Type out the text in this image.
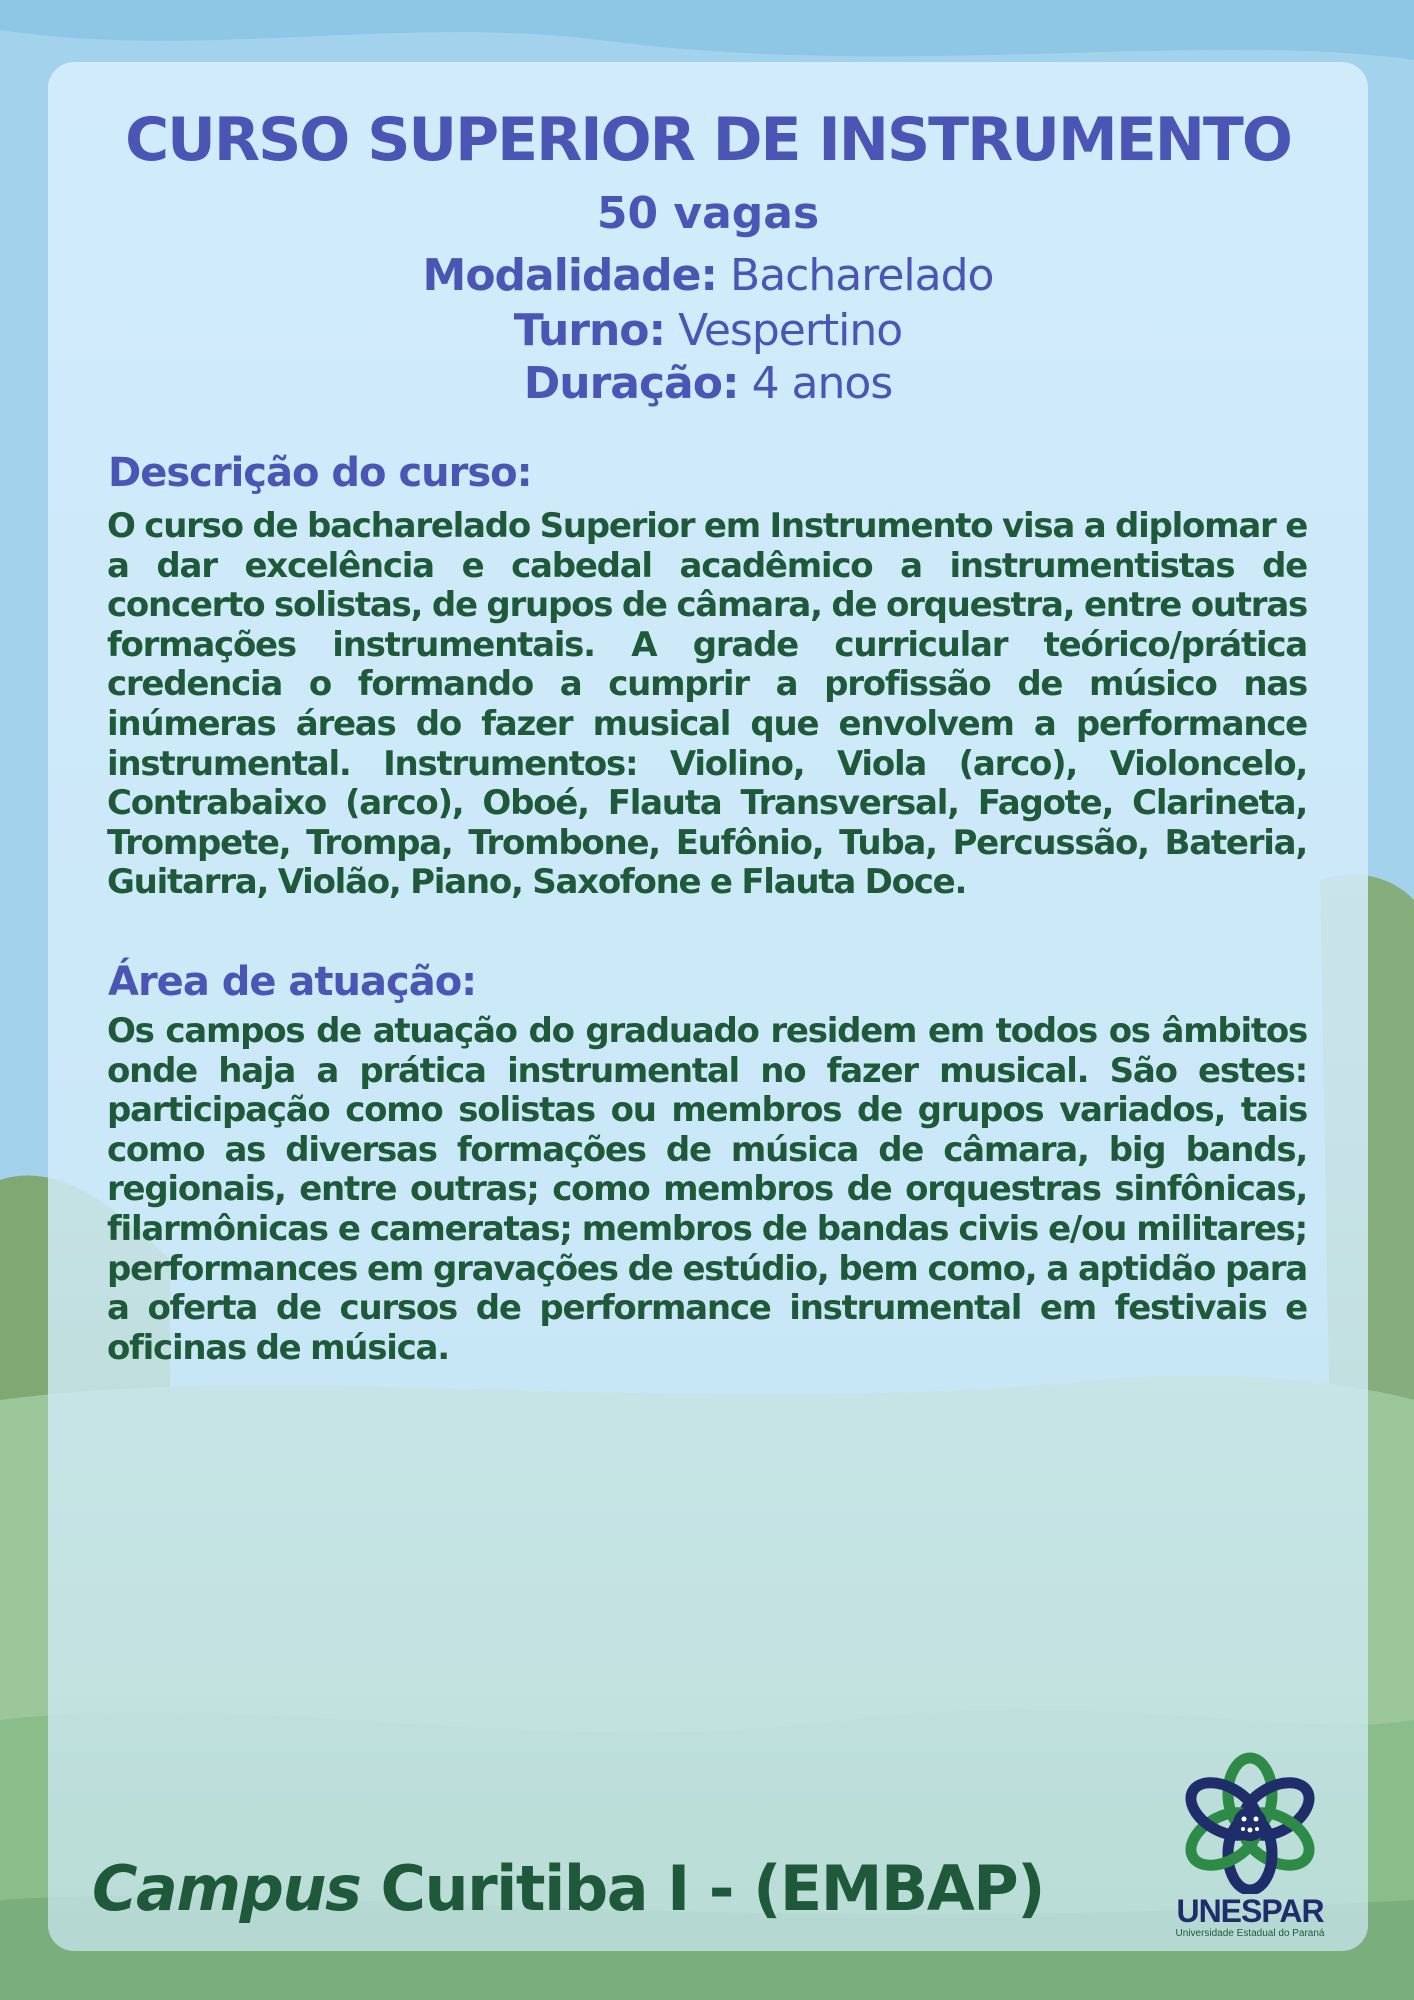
CURSO SUPERIOR DE INSTRUMENTO

50 vagas

Modalidade: Bacharelado

Turno: Vespertino

Duração: 4 anos

Descrição do curso:

O curso de bacharelado Superior em Instrumento visa a diplomar e a dar excelência e cabedal acadêmico a instrumentistas de concerto solistas, de grupos de câmara, de orquestra, entre outras formações instrumentais. A grade curricular teórico/prática credencia o formando a cumprir a profissão de músico nas inúmeras áreas do fazer musical que envolvem a performance instrumental. Instrumentos: Violino, Viola (arco), Violoncelo, Contrabaixo (arco), Oboé, Flauta Transversal, Fagote, Clarineta, Trompete, Trompa, Trombone, Eufônio, Tuba, Percussão, Bateria, Guitarra, Violão, Piano, Saxofone e Flauta Doce.

Área de atuação:

Os campos de atuação do graduado residem em todos os âmbitos onde haja a prática instrumental no fazer musical. São estes: participação como solistas ou membros de grupos variados, tais como as diversas formações de música de câmara, big bands, regionais, entre outras; como membros de orquestras sinfônicas, filarmônicas e cameratas; membros de bandas civis e/ou militares; performances em gravações de estúdio, bem como, a aptidão para a oferta de cursos de performance instrumental em festivais e oficinas de música.

Campus Curitiba I - (EMBAP)	UNESPAR
Universidade Estadual do Paraná
